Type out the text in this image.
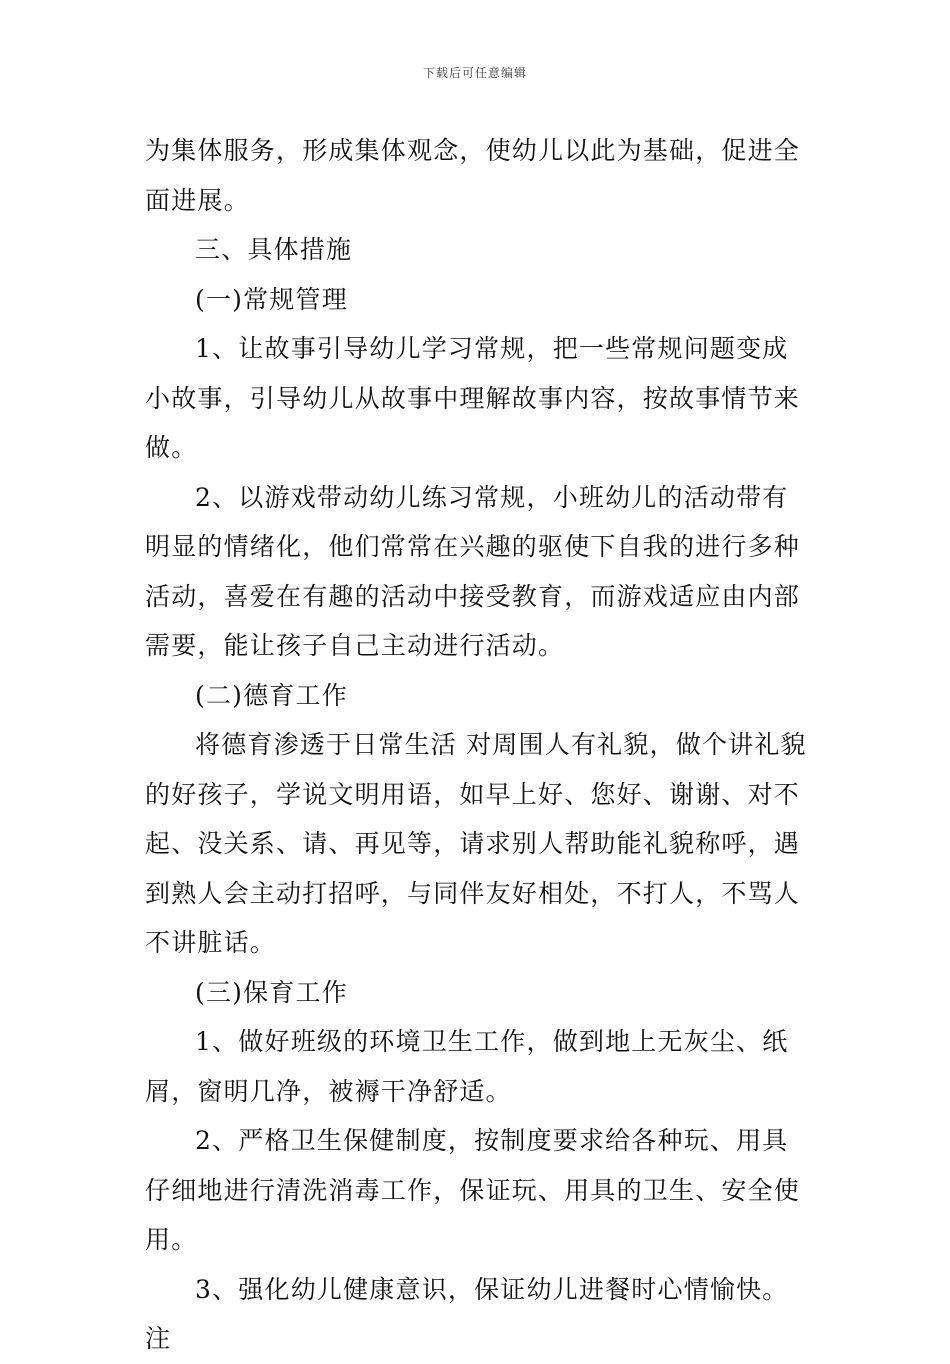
下载后可任意编辑

为集体服务，形成集体观念，使幼儿以此为基础，促进全面进展。

三、具体措施

(一)常规管理

1、让故事引导幼儿学习常规，把一些常规问题变成小故事，引导幼儿从故事中理解故事内容，按故事情节来做。

2、以游戏带动幼儿练习常规，小班幼儿的活动带有明显的情绪化，他们常常在兴趣的驱使下自我的进行多种活动，喜爱在有趣的活动中接受教育，而游戏适应由内部需要，能让孩子自己主动进行活动。

(二)德育工作

将德育渗透于日常生活 对周围人有礼貌，做个讲礼貌的好孩子，学说文明用语，如早上好、您好、谢谢、对不起、没关系、请、再见等，请求别人帮助能礼貌称呼，遇到熟人会主动打招呼，与同伴友好相处，不打人，不骂人不讲脏话。

(三)保育工作

1、做好班级的环境卫生工作，做到地上无灰尘、纸屑，窗明几净，被褥干净舒适。

2、严格卫生保健制度，按制度要求给各种玩、用具仔细地进行清洗消毒工作，保证玩、用具的卫生、安全使用。

3、强化幼儿健康意识，保证幼儿进餐时心情愉快。注
